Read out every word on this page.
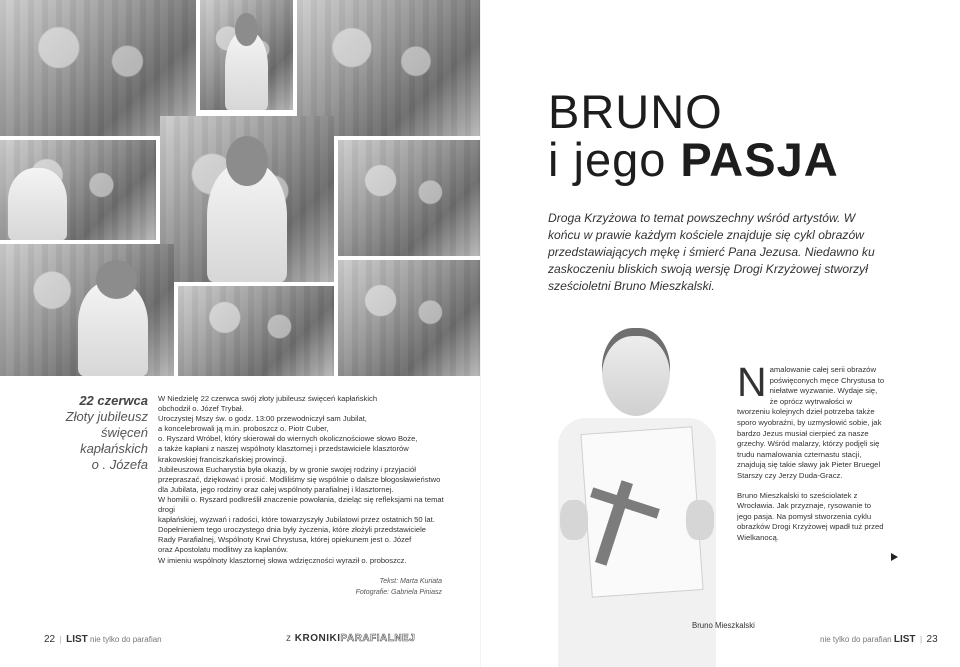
22 czerwca
Złoty jubileusz
święceń
kapłańskich
o . Józefa

W Niedzielę 22 czerwca swój złoty jubileusz święceń kapłańskich

obchodził o. Józef Trybał.

Uroczystej Mszy św. o godz. 13:00 przewodniczył sam Jubilat,

a koncelebrowali ją m.in. proboszcz o. Piotr Cuber,

o. Ryszard Wróbel, który skierował do wiernych okolicznościowe słowo Boże,

a także kapłani z naszej wspólnoty klasztornej i przedstawiciele klasztorów

krakowskiej franciszkańskiej prowincji.

Jubileuszowa Eucharystia była okazją, by w gronie swojej rodziny i przyjaciół

przepraszać, dziękować i prosić. Modliliśmy się wspólnie o dalsze błogosławieństwo

dla Jubilata, jego rodziny oraz całej wspólnoty parafialnej i klasztornej.

W homilii o. Ryszard podkreślił znaczenie powołania, dzieląc się refleksjami na temat drogi

kapłańskiej, wyzwań i radości, które towarzyszyły Jubilatowi przez ostatnich 50 lat.

Dopełnieniem tego uroczystego dnia były życzenia, które złożyli przedstawiciele

Rady Parafialnej, Wspólnoty Krwi Chrystusa, której opiekunem jest o. Józef

oraz Apostolatu modlitwy za kapłanów.

W imieniu wspólnoty klasztornej słowa wdzięczności wyraził o. proboszcz.

Tekst: Marta Kuriata
Fotografie: Gabriela Piniasz
22  |  LIST nie tylko do parafian	z KRONIKIPARAFIALNEJ
BRUNO
i jego PASJA
Droga Krzyżowa to temat powszechny wśród artystów. W końcu w prawie każdym kościele znajduje się cykl obrazów przedstawiających mękę i śmierć Pana Jezusa. Niedawno ku zaskoczeniu bliskich swoją wersję Drogi Krzyżowej stworzył sześcioletni Bruno Mieszkalski.

Namalowanie całej serii obrazów poświęconych męce Chrystusa to niełatwe wyzwanie. Wydaje się, że oprócz wytrwałości w tworzeniu kolejnych dzieł potrzeba także sporo wyobraźni, by uzmysłowić sobie, jak bardzo Jezus musiał cierpieć za nasze grzechy. Wśród malarzy, którzy podjęli się trudu namalowania czternastu stacji, znajdują się takie sławy jak Pieter Bruegel Starszy czy Jerzy Duda-Gracz.

Bruno Mieszkalski to sześciolatek z Wrocławia. Jak przyznaje, rysowanie to jego pasja. Na pomysł stworzenia cyklu obrazków Drogi Krzyżowej wpadł tuż przed Wielkanocą.

Bruno Mieszkalski
nie tylko do parafian LIST  |  23
